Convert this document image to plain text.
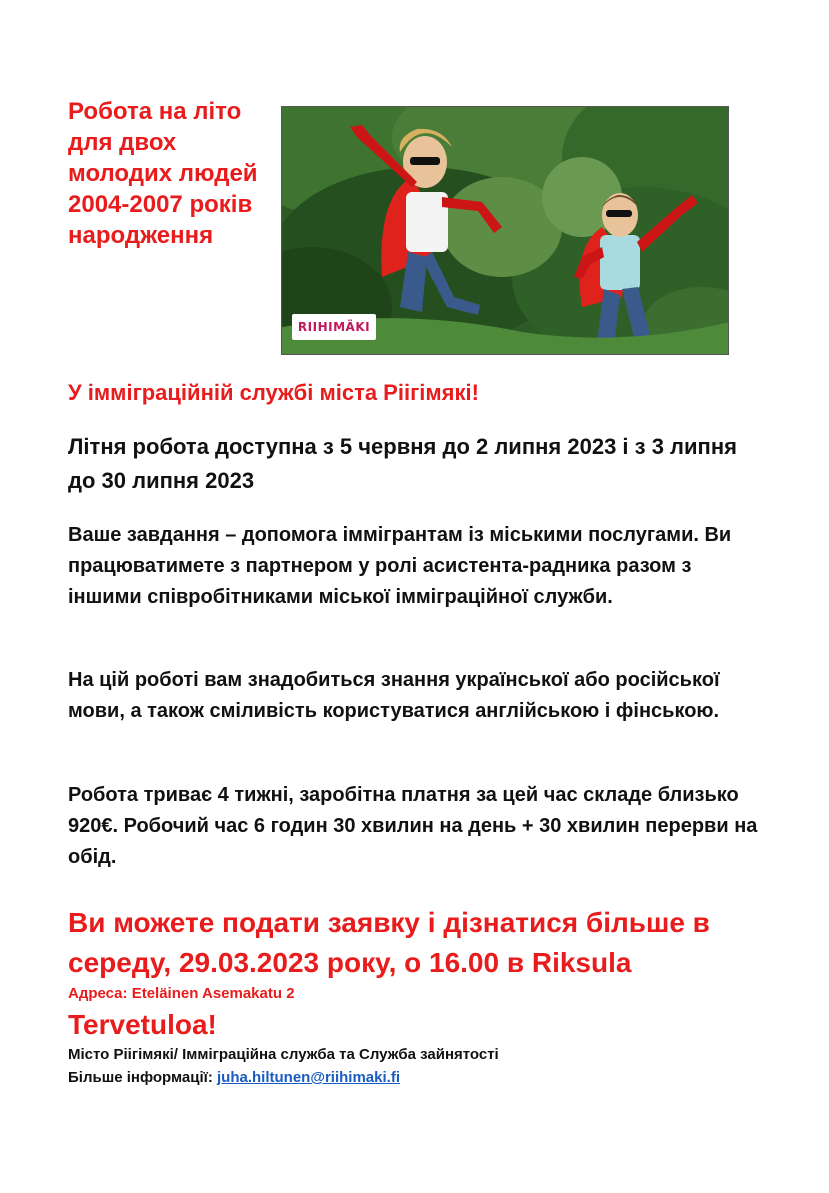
Робота на літо для двох молодих людей 2004-2007 років народження
RIIHIMÄKI
У імміграційній службі міста Ріігімякі!
Літня робота доступна з 5 червня до 2 липня 2023 і з 3 липня до 30 липня 2023
Ваше завдання – допомога іммігрантам із міськими послугами. Ви працюватимете з партнером у ролі асистента-радника разом з іншими співробітниками міської імміграційної служби.
На цій роботі вам знадобиться знання української або російської мови, а також сміливість користуватися англійською і фінською.
Робота триває 4 тижні, заробітна платня за цей час складе близько 920€. Робочий час 6 годин 30 хвилин на день + 30 хвилин перерви на обід.
Ви можете подати заявку і дізнатися більше в середу, 29.03.2023 року, о 16.00 в Riksula
Адреса: Eteläinen Asemakatu 2
Tervetuloa!
Місто Ріігімякі/ Імміграційна служба та Служба зайнятості
Більше інформації: juha.hiltunen@riihimaki.fi
